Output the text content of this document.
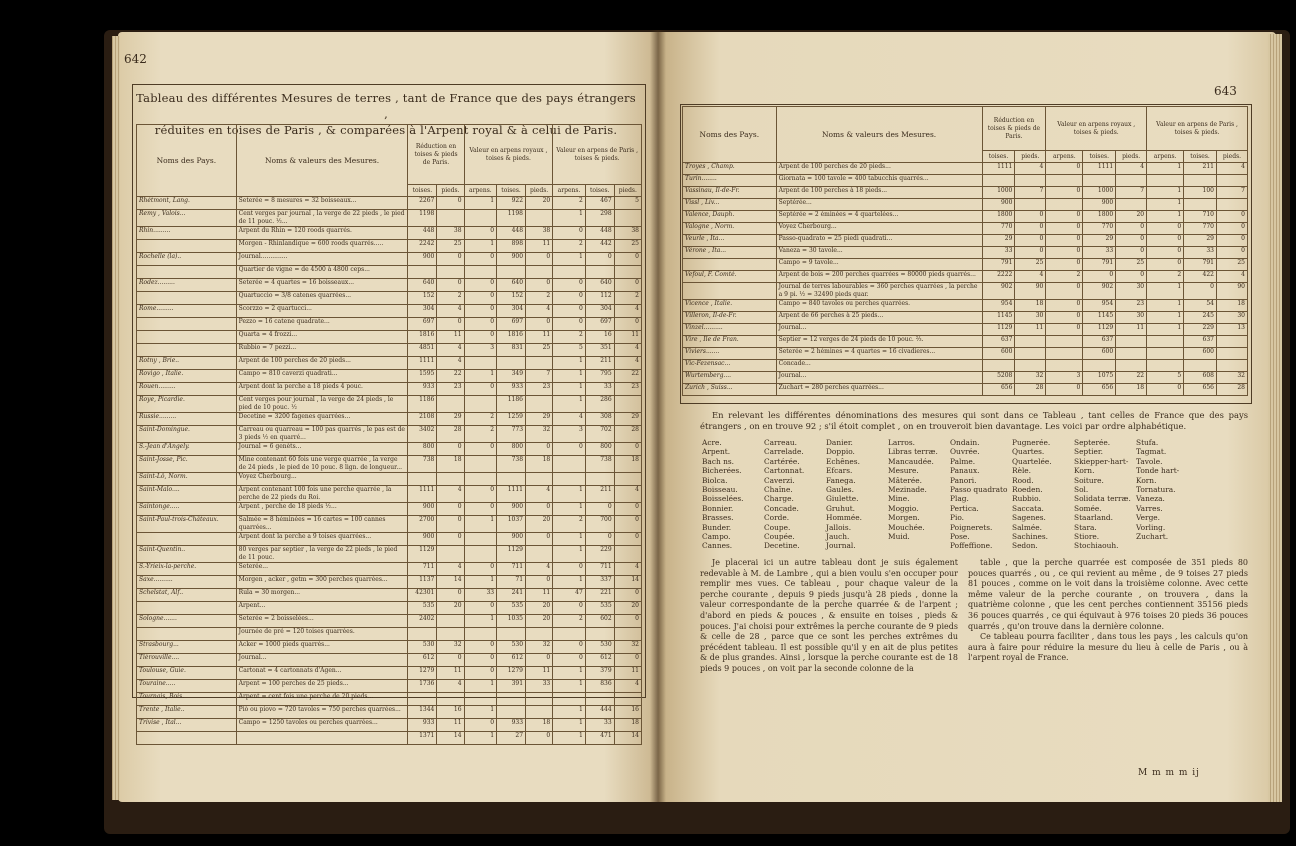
642
Tableau des différentes Mesures de terres , tant de France que des pays étrangers ,
réduites en toises de Paris , & comparées à l'Arpent royal & à celui de Paris.
Noms des Pays.	Noms & valeurs des Mesures.	Réduction en toises & pieds de Paris.		Valeur en arpens royaux , toises & pieds.			Valeur en arpens de Paris , toises & pieds.		
		toises.	pieds.	arpens.	toises.	pieds.	arpens.	toises.	pieds.
Rhétmont, Lang.	Seterée = 8 mesures = 32 boisseaux...	2267	0	1	922	20	2	467	5
Remy , Valois...	Cent verges par journal , la verge de 22 pieds , le pied de 11 pouc. ½...	1198			1198		1	298	
Rhin.........	Arpent du Rhin = 120 roods quarrés.	448	38	0	448	38	0	448	38
	Morgen - Rhinlandique = 600 roods quarrés.....	2242	25	1	898	11	2	442	25
Rochelle (la)..	Journal..............	900	0	0	900	0	1	0	0
	Quartier de vigne = de 4500 à 4800 ceps...								
Rodez.........	Seterée = 4 quartes = 16 boisseaux...	640	0	0	640	0	0	640	0
	Quartuccio = 3/8 catenes quarrées...	152	2	0	152	2	0	112	2
Rome.........	Scorzzo = 2 quartucci...	304	4	0	304	4	0	304	4
	Pezzo = 16 catene quadrate...	697	0	0	697	0	0	697	0
	Quarta = 4 frozzi...	1816	11	0	1816	11	2	16	11
	Rubbio = 7 pezzi...	4851	4	3	831	25	5	351	4
Rotny , Brie..	Arpent de 100 perches de 20 pieds...	1111	4				1	211	4
Rovigo , Italie.	Campo = 810 caverzi quadrati...	1595	22	1	349	7	1	795	22
Rouen.........	Arpent dont la perche a 18 pieds 4 pouc.	933	23	0	933	23	1	33	23
Roye, Picardie.	Cent verges pour journal , la verge de 24 pieds , le pied de 10 pouc. ½	1186			1186		1	286	
Russie.........	Decetine = 3200 fagenes quarrées...	2108	29	2	1259	29	4	308	29
Saint-Domingue.	Carreau ou quarreau = 100 pas quarrés , le pas est de 3 pieds ½ en quarré...	3402	28	2	773	32	3	702	28
S.-Jean d'Angely.	Journal = 6 genèts...	800	0	0	800	0	0	800	0
Saint-Josse, Pic.	Mine contenant 60 fois une verge quarrée , la verge de 24 pieds , le pied de 10 pouc. 8 lign. de longueur...	738	18		738	18		738	18
Saint-Lô, Norm.	Voyez Cherbourg...								
Saint-Malo....	Arpent contenant 100 fois une perche quarrée , la perche de 22 pieds du Roi.	1111	4	0	1111	4	1	211	4
Saintonge.....	Arpent , perche de 18 pieds ½...	900	0	0	900	0	1	0	0
Saint-Paul-trois-Châteaux.	Salmée = 8 héminées = 16 cartes = 100 cannes quarrées...	2700	0	1	1037	20	2	700	0
	Arpent dont la perche a 9 toises quarrées...	900	0		900	0	1	0	0
Saint-Quentin..	80 verges par septier , la verge de 22 pieds , le pied de 11 pouc.	1129			1129		1	229	
S.-Yrieix-la-perche.	Seterée...	711	4	0	711	4	0	711	4
Saxe..........	Morgen , acker , getm = 300 perches quarrées...	1137	14	1	71	0	1	337	14
Schelstat, Alf..	Rula = 30 morgen...	42301	0	33	241	11	47	221	0
	Arpent...	535	20	0	535	20	0	535	20
Sologne.......	Seterée = 2 boisselées...	2402		1	1035	20	2	602	0
	Journée de pré = 120 toises quarrées.								
Strasbourg...	Acker = 1000 pieds quarrés...	530	32	0	530	32	0	530	32
Tièrouville....	Journal...	612	0	0	612	0	0	612	0
Toulouse, Guie.	Cartonat = 4 cartonnats d'Agen...	1279	11	0	1279	11	1	379	11
Touraine.....	Arpent = 100 perches de 25 pieds...	1736	4	1	391	33	1	836	4
Tournais, Bois.	Arpent = cent fois une perche de 20 pieds...								
Trente , Italie..	Piò ou piovo = 720 tavoles = 750 perches quarrées...	1344	16	1			1	444	16
Trivise , Ital...	Campo = 1250 tavoles ou perches quarrées...	933	11	0	933	18	1	33	18
		1371	14	1	27	0	1	471	14
643
Noms des Pays.	Noms & valeurs des Mesures.	Réduction en toises & pieds de Paris.		Valeur en arpens royaux , toises & pieds.			Valeur en arpens de Paris , toises & pieds.		
		toises.	pieds.	arpens.	toises.	pieds.	arpens.	toises.	pieds.
Troyes , Champ.	Arpent de 100 perches de 20 pieds...	1111	4	0	1111	4	1	211	4
Turin........	Giornata = 100 tavole = 400 tabucchis quarrés...								
Vassinau, Il-de-Fr.	Arpent de 100 perches à 18 pieds...	1000	7	0	1000	7	1	100	7
Vissl , Liv...	Septérée...	900			900		1		
Valence, Dauph.	Septérée = 2 éminées = 4 quartelées...	1800	0	0	1800	20	1	710	0
Valogne , Norm.	Voyez Cherbourg...	770	0	0	770	0	0	770	0
Veurle , Ita...	Passo-quadrato = 25 piedi quadrati...	29	0	0	29	0	0	29	0
Vérone , Ita...	Vaneza = 30 tavole...	33	0	0	33	0	0	33	0
	Campo = 9 tavole...	791	25	0	791	25	0	791	25
Vefoul, F. Comté.	Arpent de bois = 200 perches quarrées = 80000 pieds quarrés...	2222	4	2	0	0	2	422	4
	Journal de terres labourables = 360 perches quarrées , la perche a 9 pi. ½ = 32490 pieds quar.	902	90	0	902	30	1	0	90
Vicence , Italie.	Campo = 840 tavoles ou perches quarrées.	954	18	0	954	23	1	54	18
Villeron, Il-de-Fr.	Arpent de 66 perches à 25 pieds...	1145	30	0	1145	30	1	245	30
Vinzel..........	Journal...	1129	11	0	1129	11	1	229	13
Vire , Ile de Fran.	Septier = 12 verges de 24 pieds de 10 pouc. ⅔.	637			637			637	
Viviers.......	Seterée = 2 hémines = 4 quartes = 16 civadieres...	600			600			600	
Vic-Fezensac...	Concade...								
Wurtemberg....	Journal...	5208	32	3	1075	22	5	608	32
Zurich , Suiss...	Zuchart = 280 perches quarrées...	656	28	0	656	18	0	656	28

En relevant les différentes dénominations des mesures qui sont dans ce Tableau , tant celles de France que des pays étrangers , on en trouve 92 ; s'il étoit complet , on en trouveroit bien davantage. Les voici par ordre alphabétique.

Acre.
Arpent.
Bach ns.
Bicherées.
Biolca.
Boisseau.
Boisselées.
Bonnier.
Brasses.
Bunder.
Campo.
Cannes.
Carreau.
Carrelade.
Cartérée.
Cartonnat.
Caverzi.
Chaîne.
Charge.
Concade.
Corde.
Coupe.
Coupée.
Decetine.
Danier.
Doppio.
Echênes.
Efcars.
Fanega.
Gaules.
Giulette.
Gruhut.
Hommée.
Jallois.
Jauch.
Journal.
Larros.
Libras terræ.
Mancaudée.
Mesure.
Mâterée.
Mezinade.
Mine.
Moggio.
Morgen.
Mouchée.
Muid.
Ondain.
Ouvrée.
Palme.
Panaux.
Panori.
Passo quadrato
Plag.
Pertica.
Pio.
Poignerets.
Pose.
Poffeffione.
Pugnerée.
Quartes.
Quartelée.
Rèle.
Rood.
Roeden.
Rubbio.
Saccata.
Sagenes.
Salmée.
Sachines.
Sedon.
Septerée.
Septier.
Skiepper-hart-
Korn.
Soiture.
Sol.
Solidata terræ.
Somée.
Staarland.
Stara.
Stiore.
Stochiaouh.
Stufa.
Tagmat.
Tavole.
Tonde hart-
Korn.
Tornatura.
Vaneza.
Varres.
Verge.
Vorling.
Zuchart.

Je placerai ici un autre tableau dont je suis également redevable à M. de Lambre , qui a bien voulu s'en occuper pour remplir mes vues. Ce tableau , pour chaque valeur de la perche courante , depuis 9 pieds jusqu'à 28 pieds , donne la valeur correspondante de la perche quarrée & de l'arpent ; d'abord en pieds & pouces , & ensuite en toises , pieds & pouces. J'ai choisi pour extrêmes la perche courante de 9 pieds & celle de 28 , parce que ce sont les perches extrêmes du précédent tableau. Il est possible qu'il y en ait de plus petites & de plus grandes. Ainsi , lorsque la perche courante est de 18 pieds 9 pouces , on voit par la seconde colonne de la

table , que la perche quarrée est composée de 351 pieds 80 pouces quarrés , ou , ce qui revient au même , de 9 toises 27 pieds 81 pouces , comme on le voit dans la troisième colonne. Avec cette même valeur de la perche courante , on trouvera , dans la quatrième colonne , que les cent perches contiennent 35156 pieds 36 pouces quarrés , ce qui équivaut à 976 toises 20 pieds 36 pouces quarrés , qu'on trouve dans la dernière colonne.

Ce tableau pourra faciliter , dans tous les pays , les calculs qu'on aura à faire pour réduire la mesure du lieu à celle de Paris , ou à l'arpent royal de France.

M m m m ij
